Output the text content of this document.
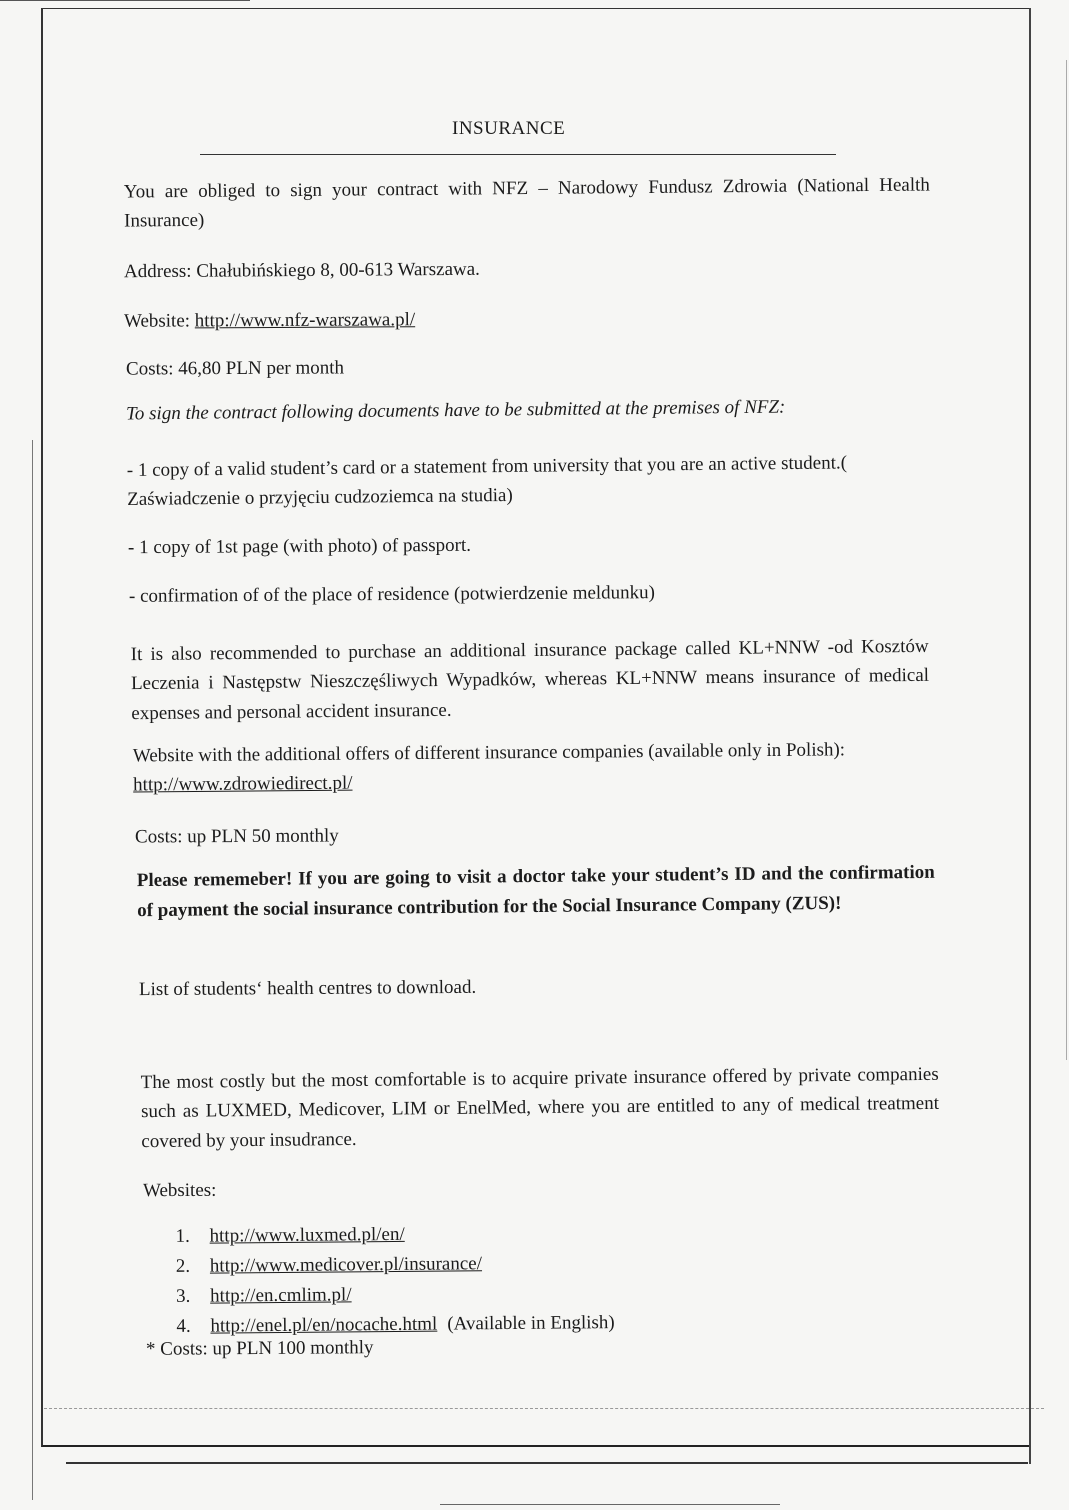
INSURANCE
You are obliged to sign your contract with NFZ – Narodowy Fundusz Zdrowia (National Health Insurance)
Address: Chałubińskiego 8, 00-613 Warszawa.
Website: http://www.nfz-warszawa.pl/
Costs: 46,80 PLN per month
To sign the contract following documents have to be submitted at the premises of NFZ:
- 1 copy of a valid student’s card or a statement from university that you are an active student.( Zaświadczenie o przyjęciu cudzoziemca na studia)
- 1 copy of 1st page (with photo) of passport.
- confirmation of of the place of residence (potwierdzenie meldunku)
It is also recommended to purchase an additional insurance package called KL+NNW -od Kosztów Leczenia i Następstw Nieszczęśliwych Wypadków, whereas KL+NNW means insurance of medical expenses and personal accident insurance.
Website with the additional offers of different insurance companies (available only in Polish):
http://www.zdrowiedirect.pl/
Costs: up PLN 50 monthly
Please rememeber! If you are going to visit a doctor take your student’s ID and the confirmation of payment the social insurance contribution for the Social Insurance Company (ZUS)!
List of students‘ health centres to download.
The most costly but the most comfortable is to acquire private insurance offered by private companies such as LUXMED, Medicover, LIM or EnelMed, where you are entitled to any of medical treatment covered by your insudrance.
Websites:
1.	http://www.luxmed.pl/en/
2.	http://www.medicover.pl/insurance/
3.	http://en.cmlim.pl/
4.	http://enel.pl/en/nocache.html (Available in English)
* Costs: up PLN 100 monthly
